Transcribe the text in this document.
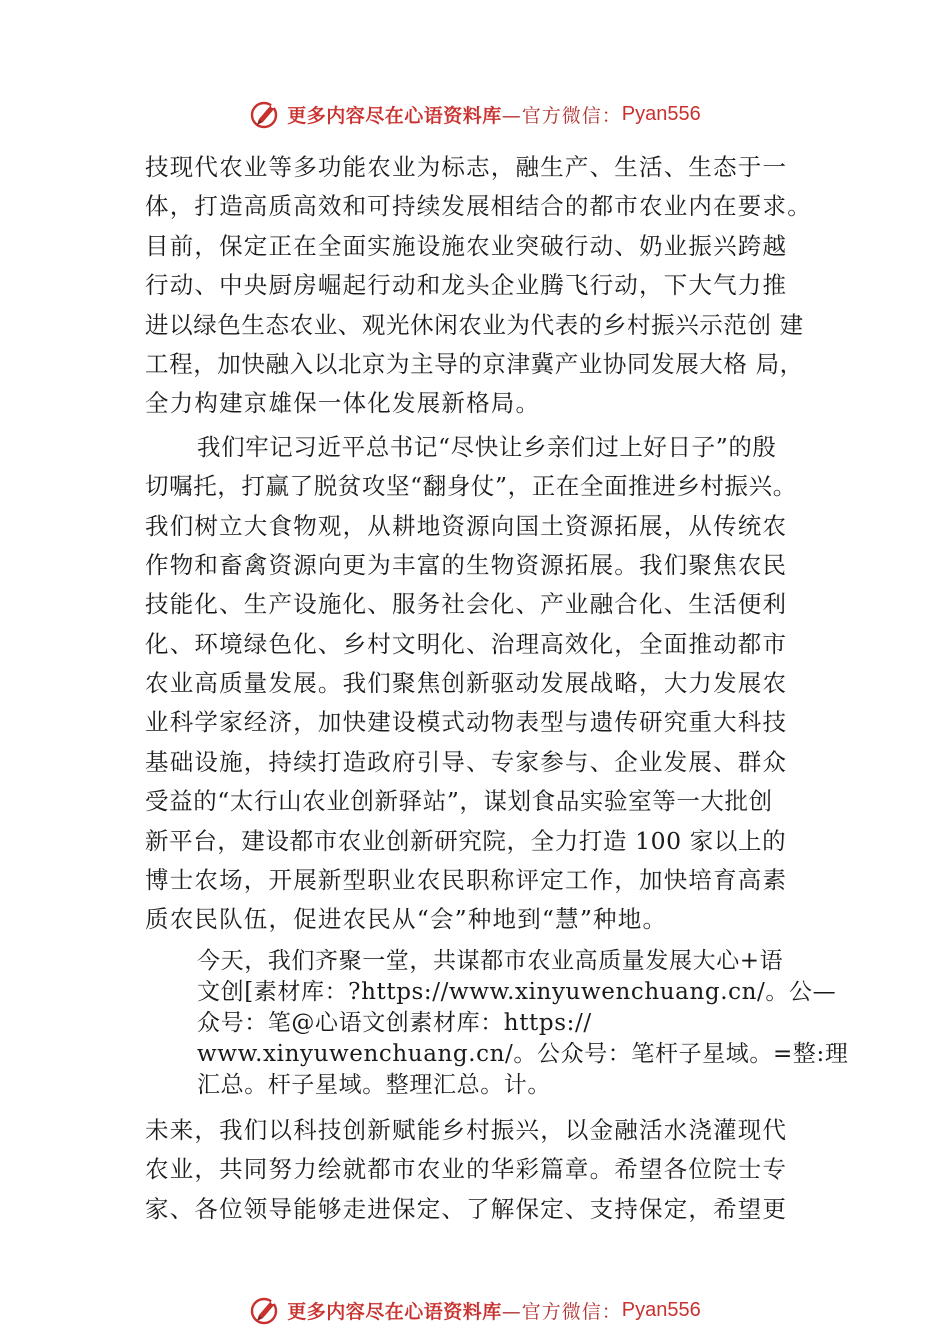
更多内容尽在心语资料库 —官方微信： Pyan556
技现代农业等多功能农业为标志，融生产、生活、生态于一
体，打造高质高效和可持续发展相结合的都市农业内在要求。
目前，保定正在全面实施设施农业突破行动、奶业振兴跨越
行动、中央厨房崛起行动和龙头企业腾飞行动，下大气力推
进以绿色生态农业、观光休闲农业为代表的乡村振兴示范创 建
工程，加快融入以北京为主导的京津冀产业协同发展大格 局，
全力构建京雄保一体化发展新格局。
我们牢记习近平总书记“尽快让乡亲们过上好日子”的殷
切嘱托，打赢了脱贫攻坚“翻身仗”，正在全面推进乡村振兴。
我们树立大食物观，从耕地资源向国土资源拓展，从传统农
作物和畜禽资源向更为丰富的生物资源拓展。我们聚焦农民
技能化、生产设施化、服务社会化、产业融合化、生活便利
化、环境绿色化、乡村文明化、治理高效化，全面推动都市
农业高质量发展。我们聚焦创新驱动发展战略，大力发展农
业科学家经济，加快建设模式动物表型与遗传研究重大科技
基础设施，持续打造政府引导、专家参与、企业发展、群众
受益的“太行山农业创新驿站”，谋划食品实验室等一大批创
新平台，建设都市农业创新研究院，全力打造 100 家以上的
博士农场，开展新型职业农民职称评定工作，加快培育高素
质农民队伍，促进农民从“会”种地到“慧”种地。
今天，我们齐聚一堂，共谋都市农业高质量发展大心+语
文创[素材库：?https://www.xinyuwenchuang.cn/。公—
众号：笔@心语文创素材库：https://
www.xinyuwenchuang.cn/。公众号：笔杆子星域。=整:理
汇总。杆子星域。整理汇总。计。
未来，我们以科技创新赋能乡村振兴，以金融活水浇灌现代
农业，共同努力绘就都市农业的华彩篇章。希望各位院士专
家、各位领导能够走进保定、了解保定、支持保定，希望更
更多内容尽在心语资料库 —官方微信： Pyan556
